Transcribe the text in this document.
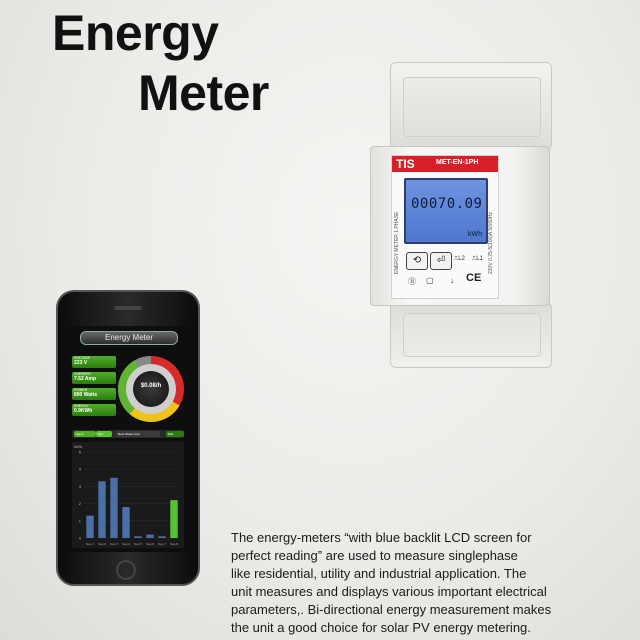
Energy
Meter
TIS	MET-EN-1PH
ENERGY METER 1 PHASE
00070.09
kWh 230V 0.25-5(100)A 50/60Hz
⟲	⏎	⎍L2 ⎍L1
Ⓑ ▢ ↓ CE
Energy Meter
VOLTAGE
223 V
CURRENT
7.62 Amp
POWER
890 Watts
ENERGY
0.9KWh
$0.08/h
Alerts	ON	Next Week Cost	Edit
kWh
0
1
2
3
4
5
Sep 1 Sep 2 Sep 3 Sep 4 Sep 5 Sep 6 Sep 7 Sep 8	The energy-meters “with blue backlit LCD screen for
perfect reading” are used to measure singlephase
like residential, utility and industrial application. The
unit measures and displays various important electrical
parameters,. Bi-directional energy measurement makes
the unit a good choice for solar PV energy metering.
